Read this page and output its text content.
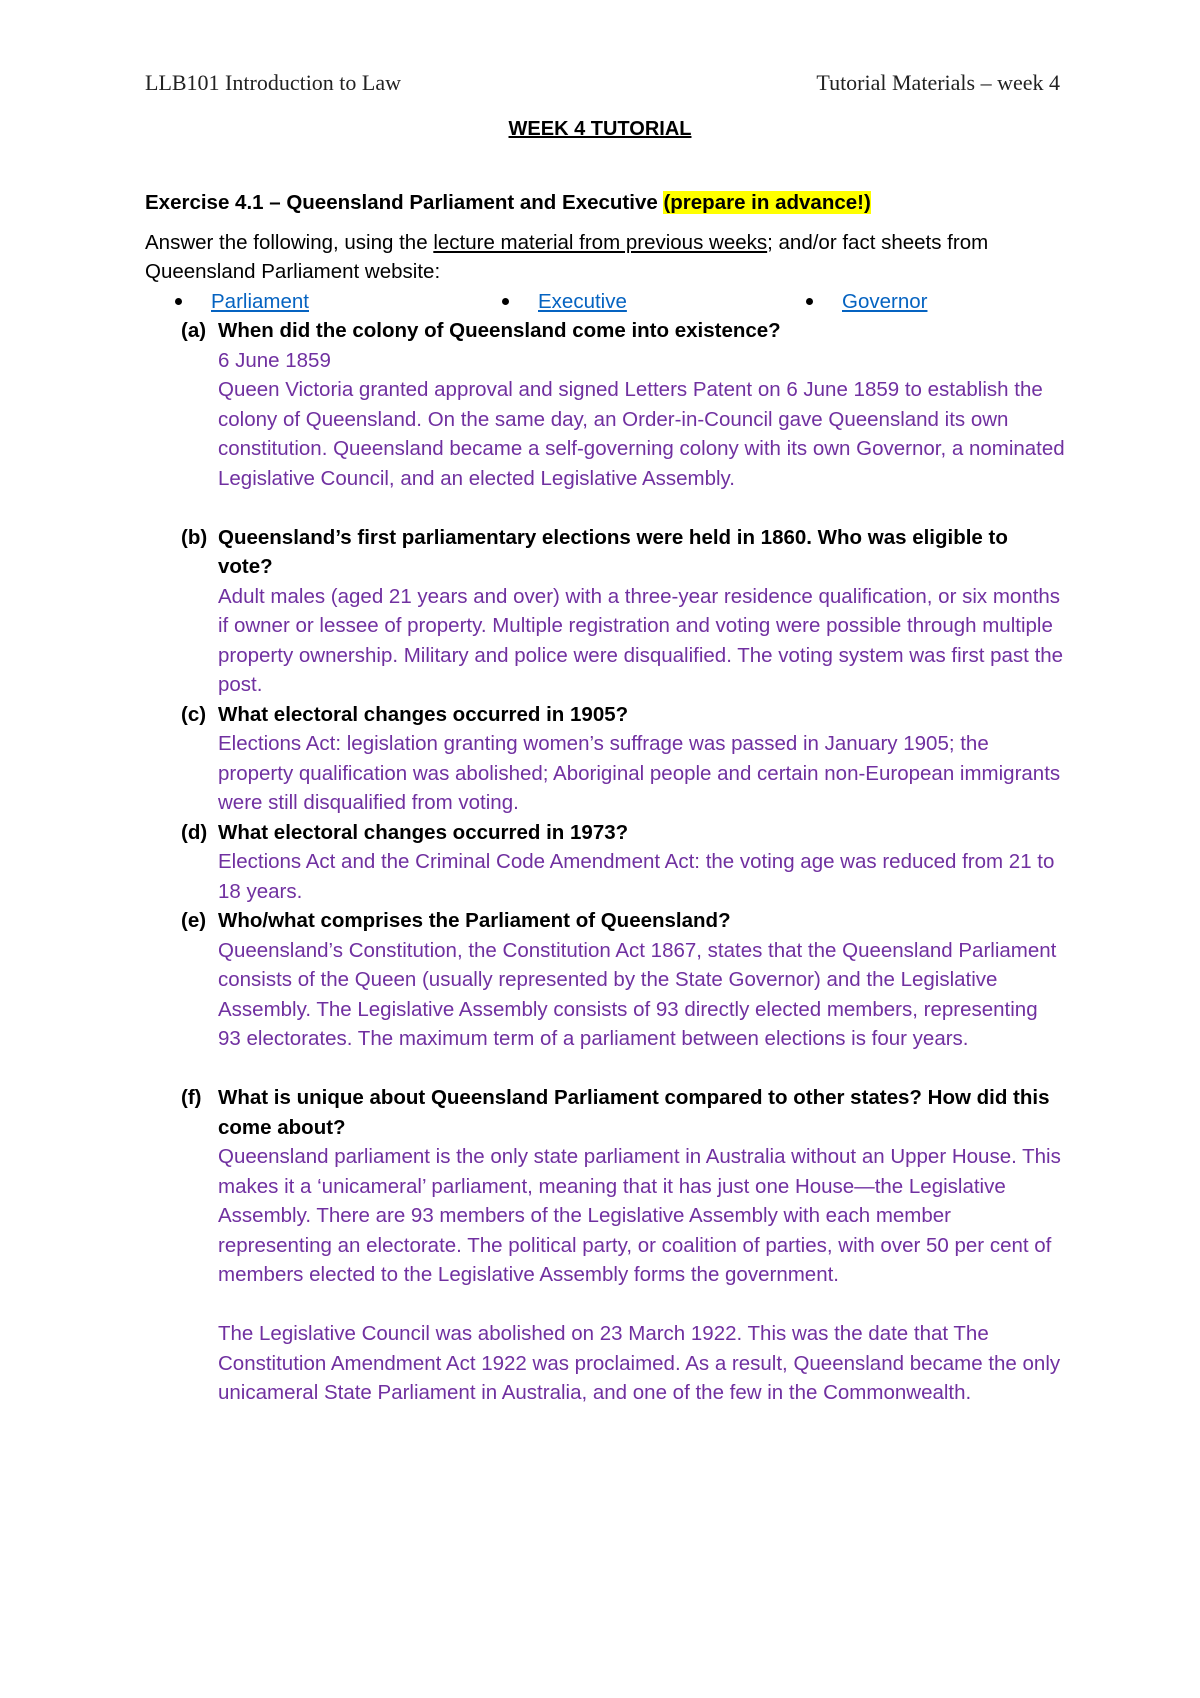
LLB101 Introduction to Law	Tutorial Materials – week 4
WEEK 4 TUTORIAL

Exercise 4.1 – Queensland Parliament and Executive (prepare in advance!)

Answer the following, using the lecture material from previous weeks; and/or fact sheets from Queensland Parliament website:

Parliament	Executive	Governor
(a) When did the colony of Queensland come into existence?

6 June 1859

Queen Victoria granted approval and signed Letters Patent on 6 June 1859 to establish the colony of Queensland. On the same day, an Order-in-Council gave Queensland its own constitution. Queensland became a self-governing colony with its own Governor, a nominated Legislative Council, and an elected Legislative Assembly.

(b) Queensland’s first parliamentary elections were held in 1860. Who was eligible to vote?

Adult males (aged 21 years and over) with a three-year residence qualification, or six months if owner or lessee of property. Multiple registration and voting were possible through multiple property ownership. Military and police were disqualified. The voting system was first past the post.

(c) What electoral changes occurred in 1905?

Elections Act: legislation granting women’s suffrage was passed in January 1905; the property qualification was abolished; Aboriginal people and certain non-European immigrants were still disqualified from voting.

(d) What electoral changes occurred in 1973?

Elections Act and the Criminal Code Amendment Act: the voting age was reduced from 21 to 18 years.

(e) Who/what comprises the Parliament of Queensland?

Queensland’s Constitution, the Constitution Act 1867, states that the Queensland Parliament consists of the Queen (usually represented by the State Governor) and the Legislative Assembly. The Legislative Assembly consists of 93 directly elected members, representing 93 electorates. The maximum term of a parliament between elections is four years.

(f) What is unique about Queensland Parliament compared to other states? How did this come about?

Queensland parliament is the only state parliament in Australia without an Upper House. This makes it a ‘unicameral’ parliament, meaning that it has just one House—the Legislative Assembly. There are 93 members of the Legislative Assembly with each member representing an electorate. The political party, or coalition of parties, with over 50 per cent of members elected to the Legislative Assembly forms the government.

The Legislative Council was abolished on 23 March 1922. This was the date that The Constitution Amendment Act 1922 was proclaimed. As a result, Queensland became the only unicameral State Parliament in Australia, and one of the few in the Commonwealth.
